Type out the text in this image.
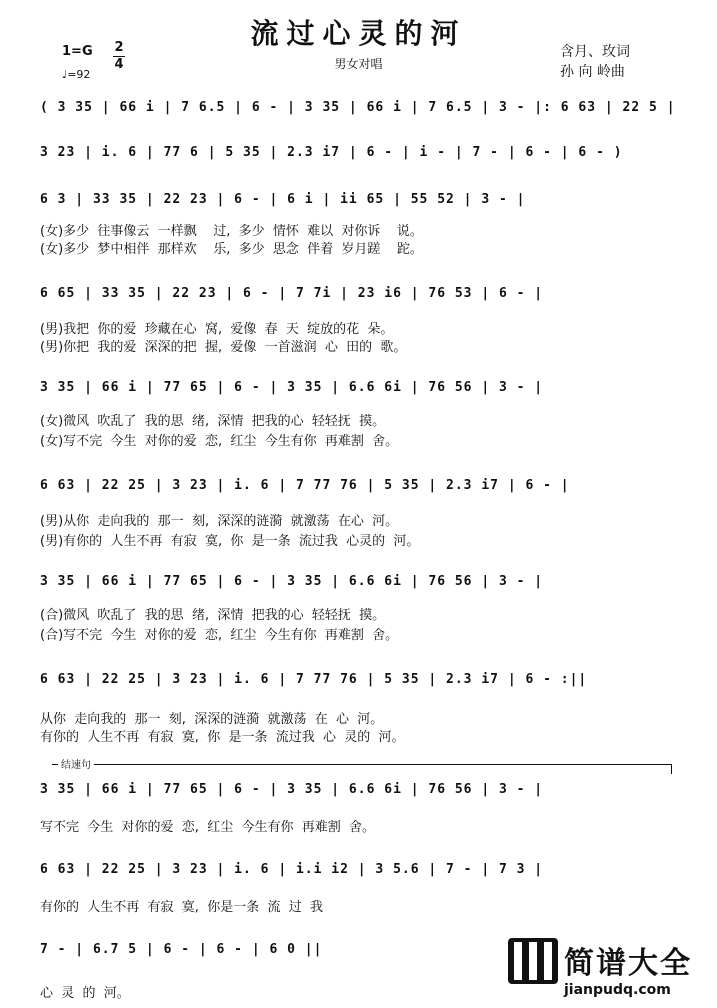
流过心灵的河
男女对唱
1=G 2
4
♩=92
含月、玫词
孙 向 岭曲
( 3 35 | 66 i | 7 6.5 | 6 - | 3 35 | 66 i | 7 6.5 | 3 - |: 6 63 | 22 5 |
3 23 | i. 6 | 77 6 | 5 35 | 2.3 i7 | 6 - | i - | 7 - | 6 - | 6 - )
6 3 | 33 35 | 22 23 | 6 - | 6 i | ii 65 | 55 52 | 3 - |
(女)多少  往事像云  一样飘    过,  多少  情怀  难以  对你诉    说。
(女)多少  梦中相伴  那样欢    乐,  多少  思念  伴着  岁月蹉    跎。
6 65 | 33 35 | 22 23 | 6 - | 7 7i | 23 i6 | 76 53 | 6 - |
(男)我把  你的爱  珍藏在心  窝,  爱像  春  天  绽放的花  朵。
(男)你把  我的爱  深深的把  握,  爱像  一首滋润  心  田的  歌。
3 35 | 66 i | 77 65 | 6 - | 3 35 | 6.6 6i | 76 56 | 3 - |
(女)微风  吹乱了  我的思  绪,  深情  把我的心  轻轻抚  摸。
(女)写不完  今生  对你的爱  恋,  红尘  今生有你  再难割  舍。
6 63 | 22 25 | 3 23 | i. 6 | 7 77 76 | 5 35 | 2.3 i7 | 6 - |
(男)从你  走向我的  那一  刻,  深深的涟漪  就激荡  在心  河。
(男)有你的  人生不再  有寂  寞,  你  是一条  流过我  心灵的  河。
3 35 | 66 i | 77 65 | 6 - | 3 35 | 6.6 6i | 76 56 | 3 - |
(合)微风  吹乱了  我的思  绪,  深情  把我的心  轻轻抚  摸。
(合)写不完  今生  对你的爱  恋,  红尘  今生有你  再难割  舍。
6 63 | 22 25 | 3 23 | i. 6 | 7 77 76 | 5 35 | 2.3 i7 | 6 - :||
从你  走向我的  那一  刻,  深深的涟漪  就激荡  在  心  河。
有你的  人生不再  有寂  寞,  你  是一条  流过我  心  灵的  河。
结速句
3 35 | 66 i | 77 65 | 6 - | 3 35 | 6.6 6i | 76 56 | 3 - |
写不完  今生  对你的爱  恋,  红尘  今生有你  再难割  舍。
6 63 | 22 25 | 3 23 | i. 6 | i.i i2 | 3 5.6 | 7 - | 7 3 |
有你的  人生不再  有寂  寞,  你是一条  流  过  我
7 - | 6.7 5 | 6 - | 6 - | 6 0 ||
心  灵  的  河。
简谱大全
jianpudq.com
